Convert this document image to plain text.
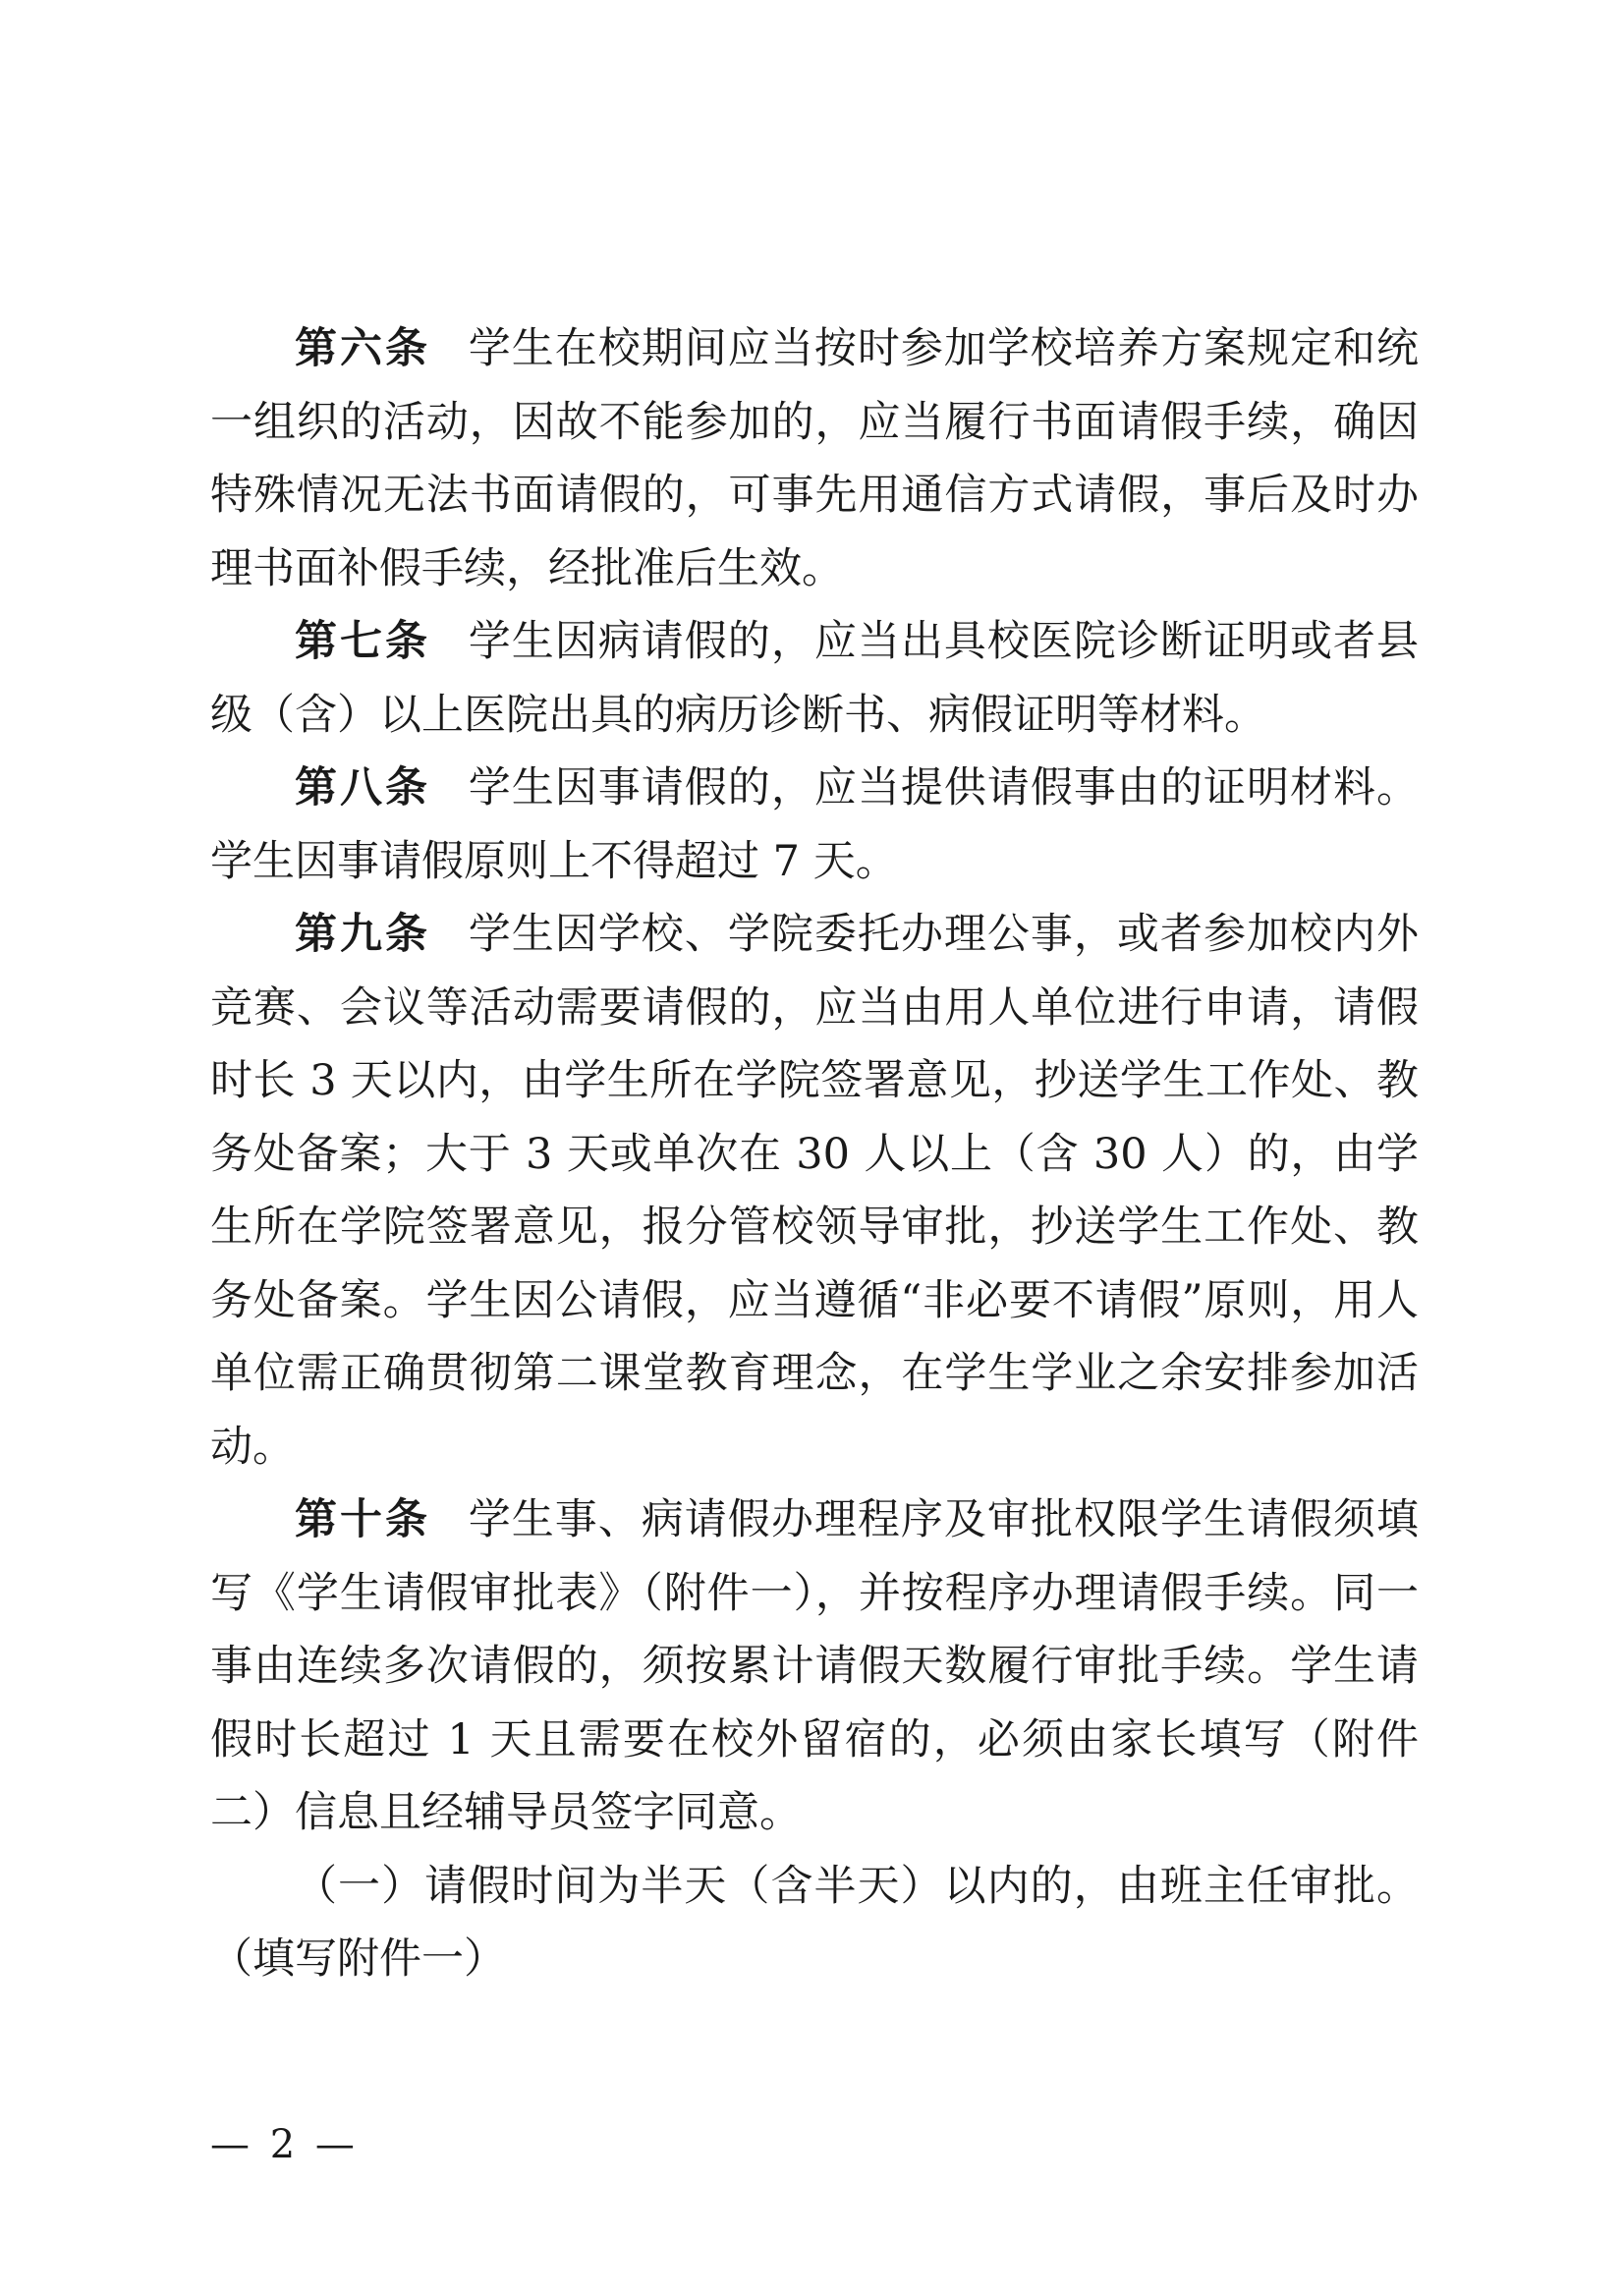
第六条 学生在校期间应当按时参加学校培养方案规定和统一组织的活动，因故不能参加的，应当履行书面请假手续，确因特殊情况无法书面请假的，可事先用通信方式请假，事后及时办理书面补假手续，经批准后生效。

第七条 学生因病请假的，应当出具校医院诊断证明或者县级（含）以上医院出具的病历诊断书、病假证明等材料。

第八条 学生因事请假的，应当提供请假事由的证明材料。学生因事请假原则上不得超过 7 天。

第九条 学生因学校、学院委托办理公事，或者参加校内外竞赛、会议等活动需要请假的，应当由用人单位进行申请，请假时长 3 天以内，由学生所在学院签署意见，抄送学生工作处、教务处备案；大于 3 天或单次在 30 人以上（含 30 人）的，由学生所在学院签署意见，报分管校领导审批，抄送学生工作处、教务处备案。学生因公请假，应当遵循“非必要不请假”原则，用人单位需正确贯彻第二课堂教育理念，在学生学业之余安排参加活动。

第十条 学生事、病请假办理程序及审批权限学生请假须填写《学生请假审批表》（附件一），并按程序办理请假手续。同一事由连续多次请假的，须按累计请假天数履行审批手续。学生请假时长超过 1 天且需要在校外留宿的，必须由家长填写（附件二）信息且经辅导员签字同意。

（一）请假时间为半天（含半天）以内的，由班主任审批。（填写附件一）

— 2 —
